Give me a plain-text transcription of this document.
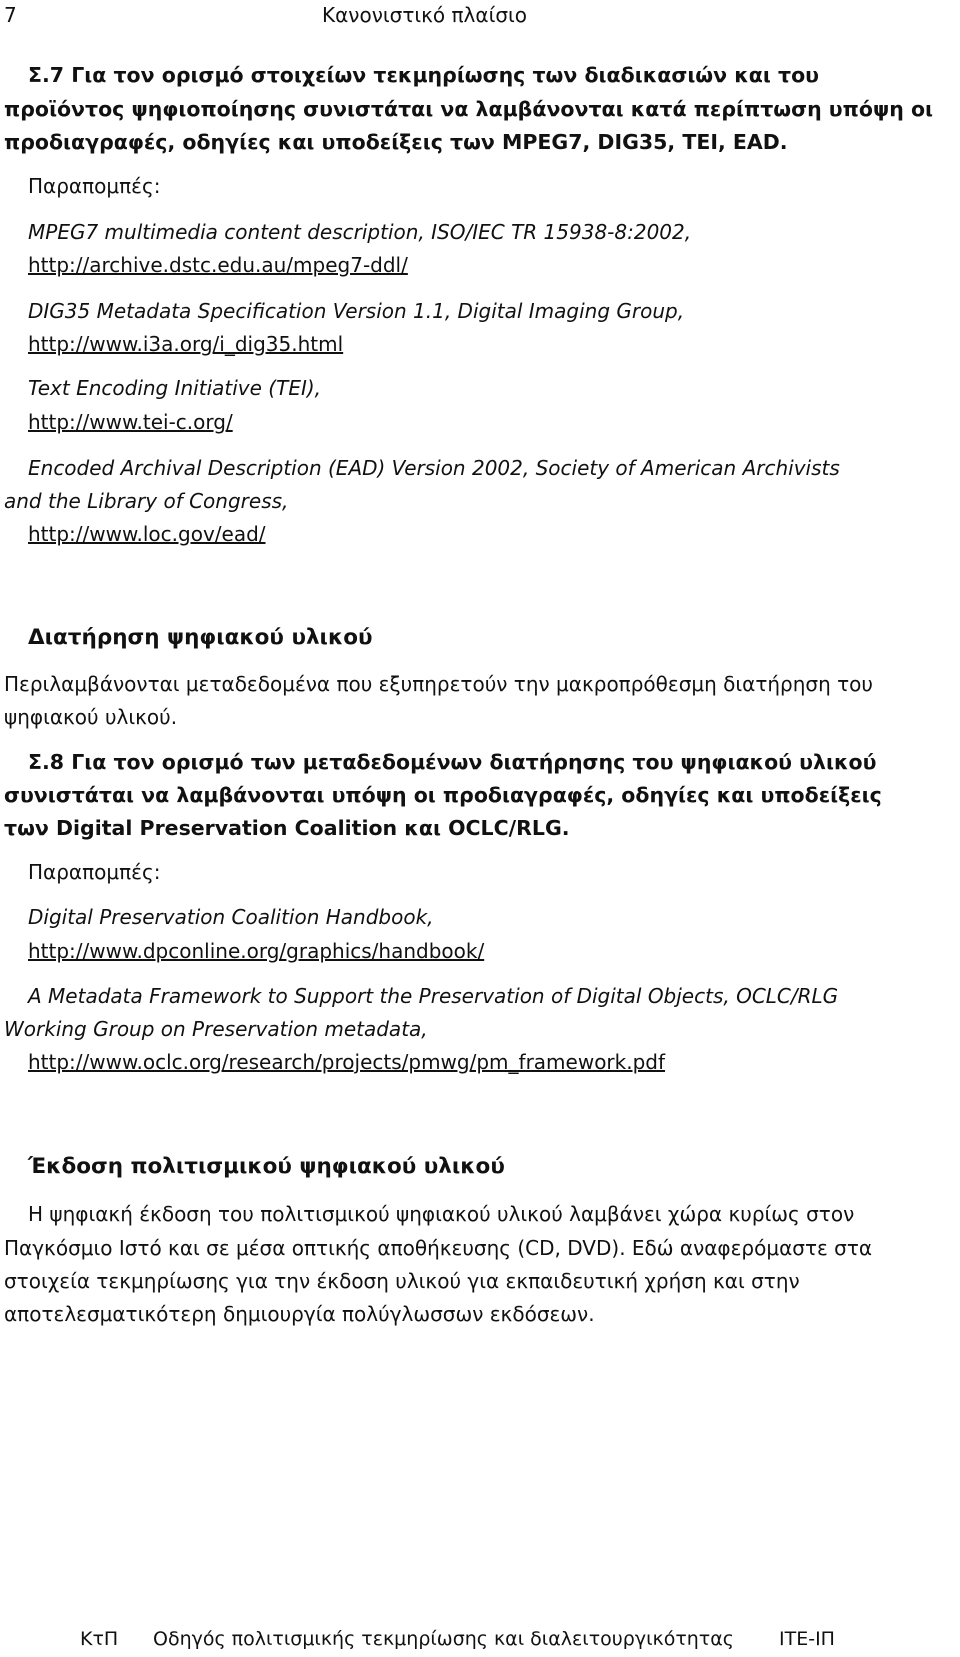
7	Κανονιστικό πλαίσιο
Σ.7 Για τον ορισμό στοιχείων τεκμηρίωσης των διαδικασιών και του
προϊόντος ψηφιοποίησης συνιστάται να λαμβάνονται κατά περίπτωση υπόψη οι
προδιαγραφές, οδηγίες και υποδείξεις των MPEG7, DIG35, TEI, EAD.
Παραπομπές:
MPEG7 multimedia content description, ISO/IEC TR 15938-8:2002,
http://archive.dstc.edu.au/mpeg7-ddl/
DIG35 Metadata Specification Version 1.1, Digital Imaging Group,
http://www.i3a.org/i_dig35.html
Text Encoding Initiative (TEI),
http://www.tei-c.org/
Encoded Archival Description (EAD) Version 2002, Society of American Archivists
and the Library of Congress,
http://www.loc.gov/ead/
Διατήρηση ψηφιακού υλικού
Περιλαμβάνονται μεταδεδομένα που εξυπηρετούν την μακροπρόθεσμη διατήρηση του
ψηφιακού υλικού.
Σ.8 Για τον ορισμό των μεταδεδομένων διατήρησης του ψηφιακού υλικού
συνιστάται να λαμβάνονται υπόψη οι προδιαγραφές, οδηγίες και υποδείξεις
των Digital Preservation Coalition και OCLC/RLG.
Παραπομπές:
Digital Preservation Coalition Handbook,
http://www.dpconline.org/graphics/handbook/
A Metadata Framework to Support the Preservation of Digital Objects, OCLC/RLG
Working Group on Preservation metadata,
http://www.oclc.org/research/projects/pmwg/pm_framework.pdf
Έκδοση πολιτισμικού ψηφιακού υλικού
Η ψηφιακή έκδοση του πολιτισμικού ψηφιακού υλικού λαμβάνει χώρα κυρίως στον
Παγκόσμιο Ιστό και σε μέσα οπτικής αποθήκευσης (CD, DVD). Εδώ αναφερόμαστε στα
στοιχεία τεκμηρίωσης για την έκδοση υλικού για εκπαιδευτική χρήση και στην
αποτελεσματικότερη δημιουργία πολύγλωσσων εκδόσεων.
ΚτΠ Οδηγός πολιτισμικής τεκμηρίωσης και διαλειτουργικότητας ΙΤΕ-ΙΠ
